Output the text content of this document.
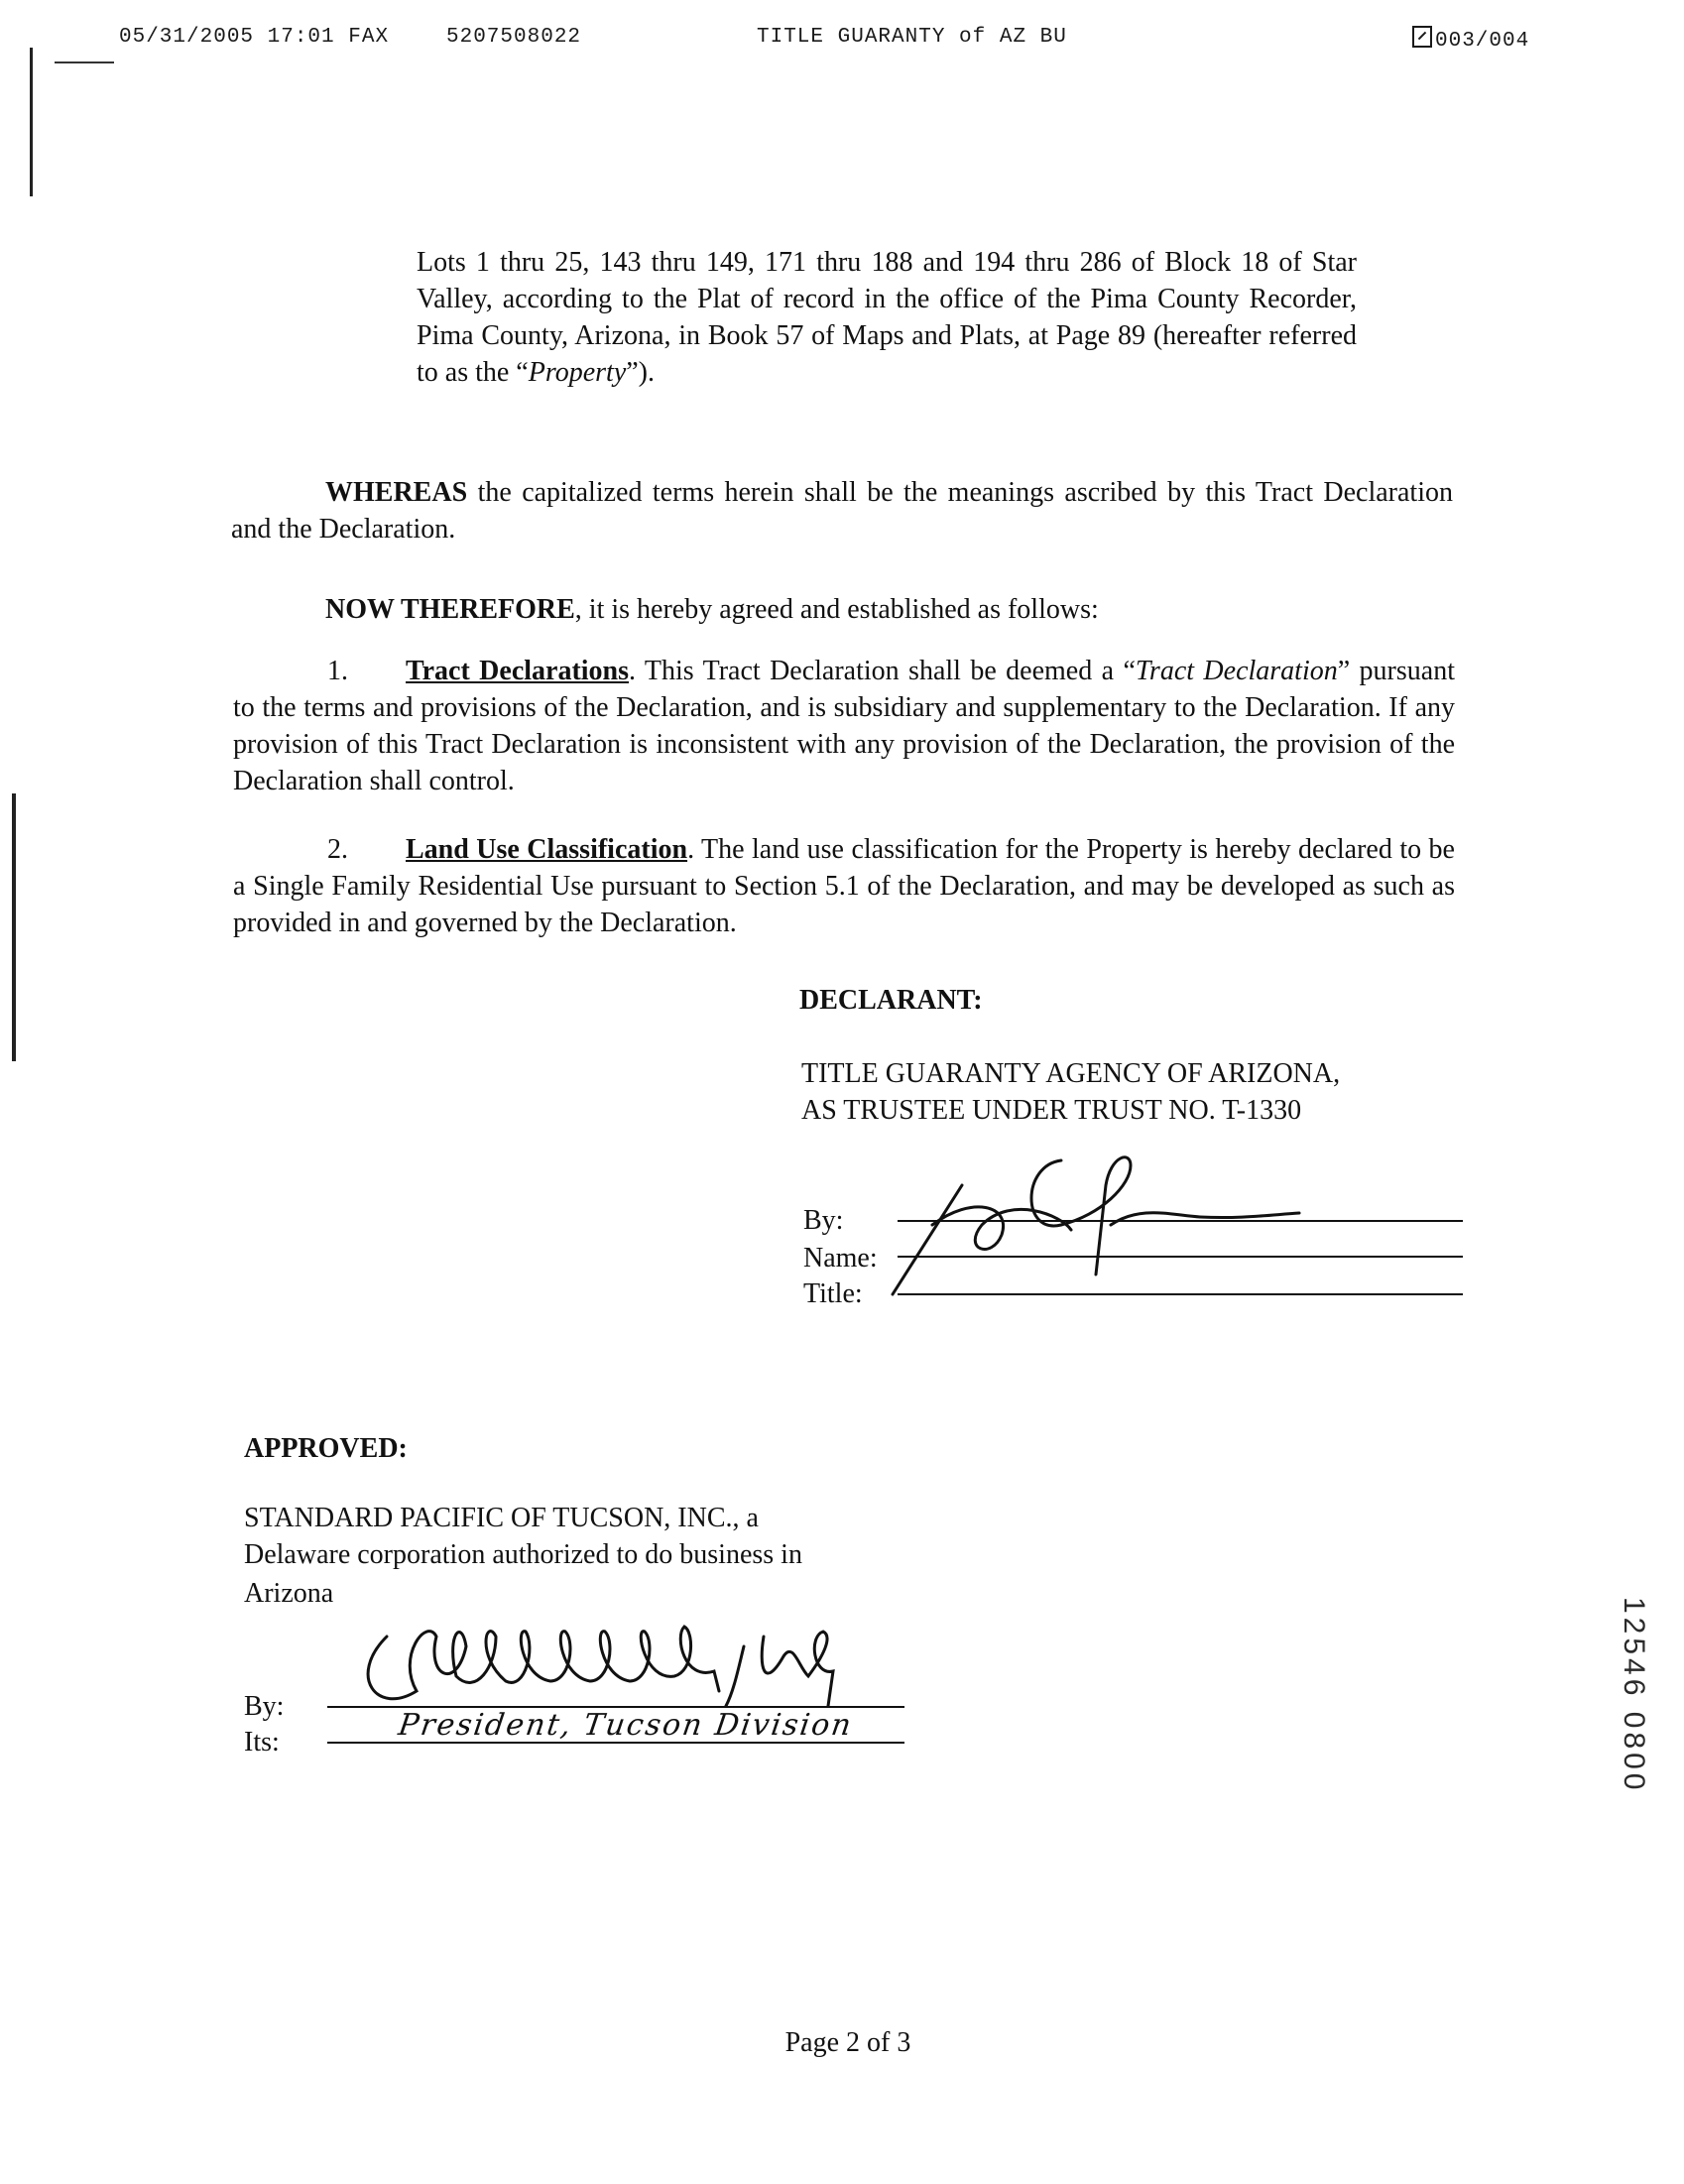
05/31/2005 17:01 FAX	5207508022	TITLE GUARANTY of AZ BU	003/004
Lots 1 thru 25, 143 thru 149, 171 thru 188 and 194 thru 286 of Block 18 of Star Valley, according to the Plat of record in the office of the Pima County Recorder, Pima County, Arizona, in Book 57 of Maps and Plats, at Page 89 (hereafter referred to as the “Property”).
WHEREAS the capitalized terms herein shall be the meanings ascribed by this Tract Declaration and the Declaration.
NOW THEREFORE, it is hereby agreed and established as follows:
1. Tract Declarations. This Tract Declaration shall be deemed a “Tract Declaration” pursuant to the terms and provisions of the Declaration, and is subsidiary and supplementary to the Declaration. If any provision of this Tract Declaration is inconsistent with any provision of the Declaration, the provision of the Declaration shall control.
2. Land Use Classification. The land use classification for the Property is hereby declared to be a Single Family Residential Use pursuant to Section 5.1 of the Declaration, and may be developed as such as provided in and governed by the Declaration.
DECLARANT:
TITLE GUARANTY AGENCY OF ARIZONA,
AS TRUSTEE UNDER TRUST NO. T-1330
By:
Name:
Title:
APPROVED:
STANDARD PACIFIC OF TUCSON, INC., a
Delaware corporation authorized to do business in
Arizona
By:
Its:	President, Tucson Division	12546 0800
Page 2 of 3
